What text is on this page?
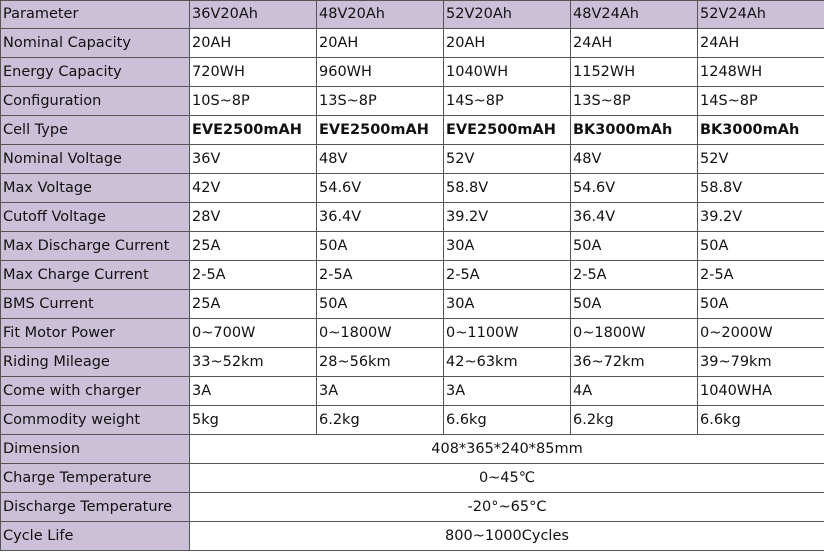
Parameter	36V20Ah	48V20Ah	52V20Ah	48V24Ah	52V24Ah
Nominal Capacity	20AH	20AH	20AH	24AH	24AH
Energy Capacity	720WH	960WH	1040WH	1152WH	1248WH
Configuration	10S~8P	13S~8P	14S~8P	13S~8P	14S~8P
Cell Type	EVE2500mAH	EVE2500mAH	EVE2500mAH	BK3000mAh	BK3000mAh
Nominal Voltage	36V	48V	52V	48V	52V
Max Voltage	42V	54.6V	58.8V	54.6V	58.8V
Cutoff Voltage	28V	36.4V	39.2V	36.4V	39.2V
Max Discharge Current	25A	50A	30A	50A	50A
Max Charge Current	2-5A	2-5A	2-5A	2-5A	2-5A
BMS Current	25A	50A	30A	50A	50A
Fit Motor Power	0~700W	0~1800W	0~1100W	0~1800W	0~2000W
Riding Mileage	33~52km	28~56km	42~63km	36~72km	39~79km
Come with charger	3A	3A	3A	4A	1040WHA
Commodity weight	5kg	6.2kg	6.6kg	6.2kg	6.6kg
Dimension	408*365*240*85mm				
Charge Temperature	0~45℃				
Discharge Temperature	-20°~65°C				
Cycle Life	800~1000Cycles				
